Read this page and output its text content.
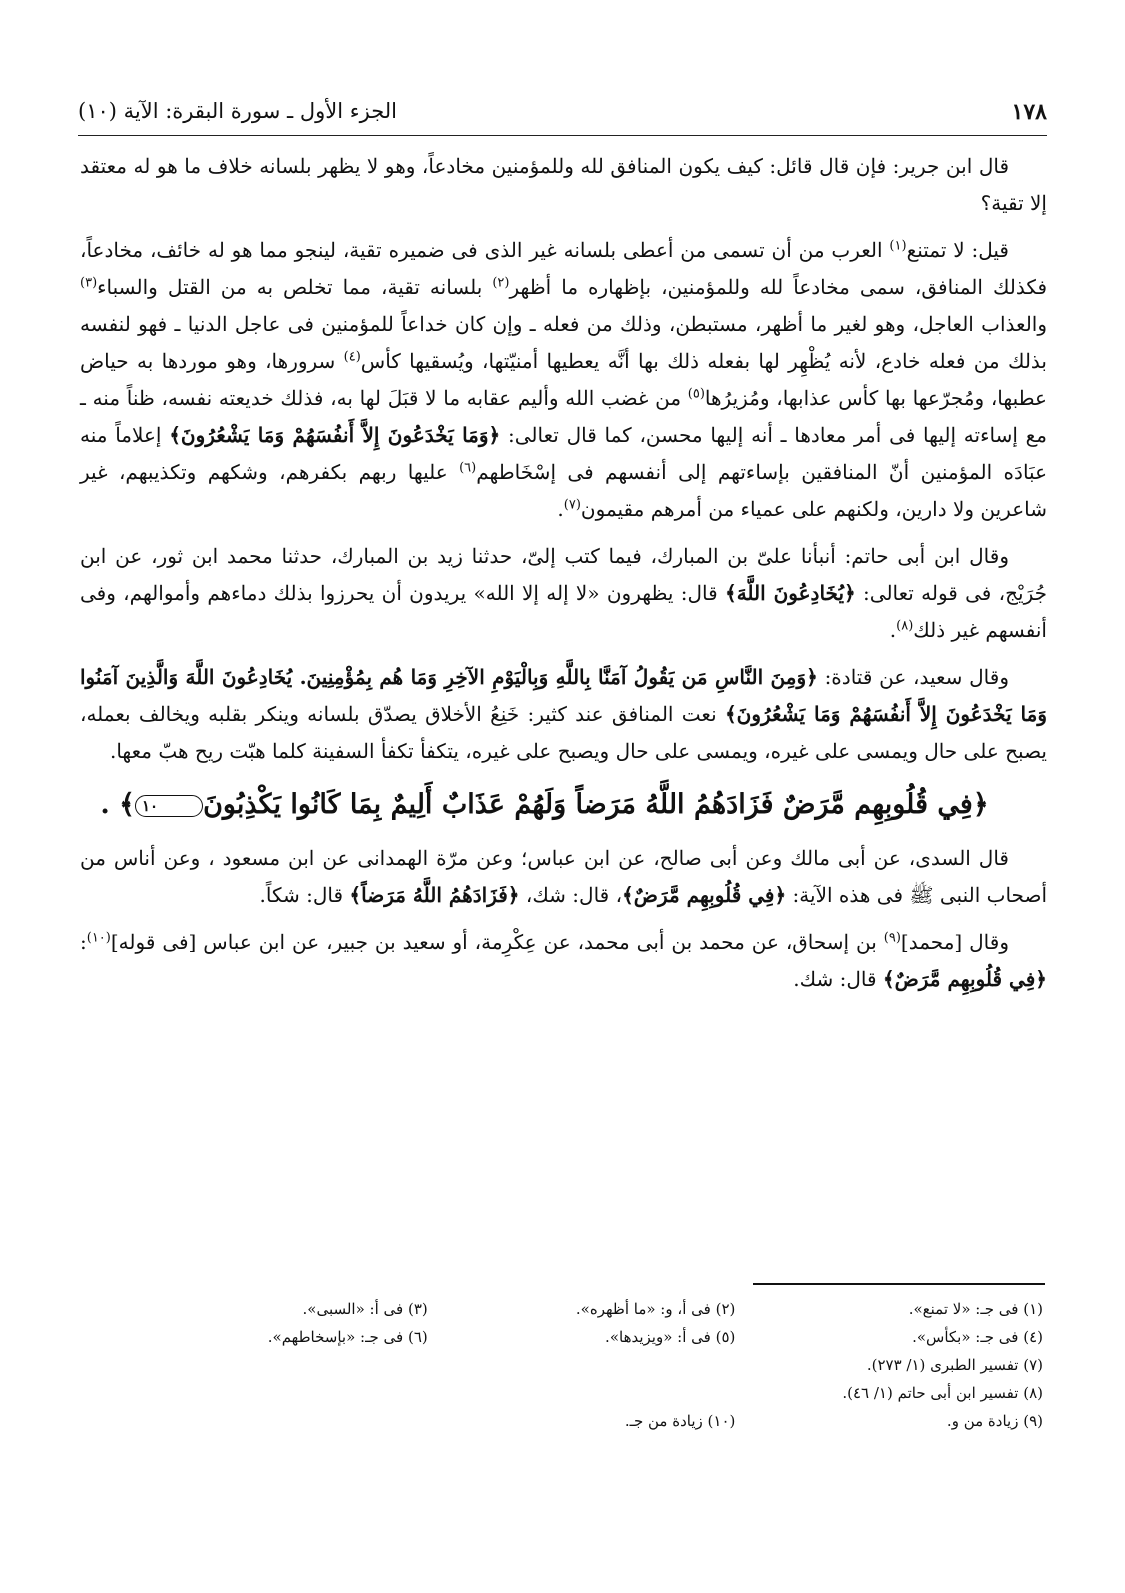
١٧٨
الجزء الأول ـ سورة البقرة: الآية (١٠)

قال ابن جرير: فإن قال قائل: كيف يكون المنافق لله وللمؤمنين مخادعاً، وهو لا يظهر بلسانه خلاف ما هو له معتقد إلا تقية؟

قيل: لا تمتنع$^{(١)}$ العرب من أن تسمى من أعطى بلسانه غير الذى فى ضميره تقية، لينجو مما هو له خائف، مخادعاً، فكذلك المنافق، سمى مخادعاً لله وللمؤمنين، بإظهاره ما أظهر$^{(٢)}$ بلسانه تقية، مما تخلص به من القتل والسباء$^{(٣)}$ والعذاب العاجل، وهو لغير ما أظهر، مستبطن، وذلك من فعله ـ وإن كان خداعاً للمؤمنين فى عاجل الدنيا ـ فهو لنفسه بذلك من فعله خادع، لأنه يُظْهِر لها بفعله ذلك بها أنَّه يعطيها أمنيّتها، ويُسقيها كأس$^{(٤)}$ سرورها، وهو موردها به حياض عطبها، ومُجرّعها بها كأس عذابها، ومُزيرُها$^{(٥)}$ من غضب الله وأليم عقابه ما لا قبَلَ لها به، فذلك خديعته نفسه، ظناً منه ـ مع إساءته إليها فى أمر معادها ـ أنه إليها محسن، كما قال تعالى: ﴿وَمَا يَخْدَعُونَ إِلاَّ أَنفُسَهُمْ وَمَا يَشْعُرُونَ﴾ إعلاماً منه عبَادَه المؤمنين أنّ المنافقين بإساءتهم إلى أنفسهم فى إسْخَاطهم$^{(٦)}$ عليها ربهم بكفرهم، وشكهم وتكذيبهم، غير شاعرين ولا دارين، ولكنهم على عمياء من أمرهم مقيمون$^{(٧)}$.

وقال ابن أبى حاتم: أنبأنا علىّ بن المبارك، فيما كتب إلىّ، حدثنا زيد بن المبارك، حدثنا محمد ابن ثور، عن ابن جُرَيْج، فى قوله تعالى: ﴿يُخَادِعُونَ اللَّهَ﴾ قال: يظهرون «لا إله إلا الله» يريدون أن يحرزوا بذلك دماءهم وأموالهم، وفى أنفسهم غير ذلك$^{(٨)}$.

وقال سعيد، عن قتادة: ﴿وَمِنَ النَّاسِ مَن يَقُولُ آمَنَّا بِاللَّهِ وَبِالْيَوْمِ الآخِرِ وَمَا هُم بِمُؤْمِنِينَ. يُخَادِعُونَ اللَّهَ وَالَّذِينَ آمَنُوا وَمَا يَخْدَعُونَ إِلاَّ أَنفُسَهُمْ وَمَا يَشْعُرُونَ﴾ نعت المنافق عند كثير: خَنِعُ الأخلاق يصدّق بلسانه وينكر بقلبه ويخالف بعمله، يصبح على حال ويمسى على غيره، ويمسى على حال ويصبح على غيره، يتكفأ تكفأ السفينة كلما هبّت ريح هبّ معها.

﴿فِي قُلُوبِهِم مَّرَضٌ فَزَادَهُمُ اللَّهُ مَرَضاً وَلَهُمْ عَذَابٌ أَلِيمٌ بِمَا كَانُوا يَكْذِبُونَ١٠﴾ .

قال السدى، عن أبى مالك وعن أبى صالح، عن ابن عباس؛ وعن مرّة الهمدانى عن ابن مسعود ، وعن أناس من أصحاب النبى ﷺ فى هذه الآية: ﴿فِي قُلُوبِهِم مَّرَضٌ﴾، قال: شك، ﴿فَزَادَهُمُ اللَّهُ مَرَضاً﴾ قال: شكاً.

وقال [محمد]$^{(٩)}$ بن إسحاق، عن محمد بن أبى محمد، عن عِكْرِمة، أو سعيد بن جبير، عن ابن عباس [فى قوله]$^{(١٠)}$: ﴿فِي قُلُوبِهِم مَّرَضٌ﴾ قال: شك.

(١) فى جـ: «لا تمنع».
(٢) فى أ، و: «ما أظهره».
(٣) فى أ: «السبى».
(٤) فى جـ: «بكأس».
(٥) فى أ: «ويزيدها».
(٦) فى جـ: «بإسخاطهم».
(٧) تفسير الطبرى (١/ ٢٧٣).
(٨) تفسير ابن أبى حاتم (١/ ٤٦).
(٩) زيادة من و.
(١٠) زيادة من جـ.
